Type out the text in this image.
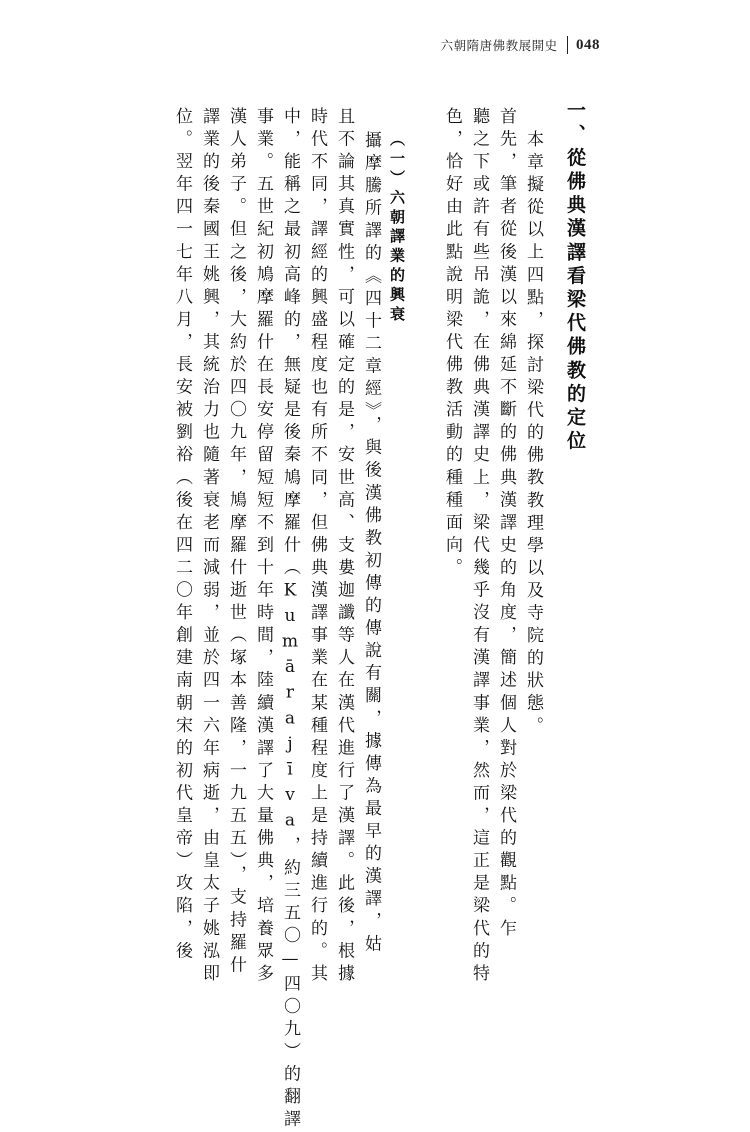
六朝隋唐佛教展開史 048
一、從佛典漢譯看梁代佛教的定位
本章擬從以上四點，探討梁代的佛教教理學以及寺院的狀態。
首先，筆者從後漢以來綿延不斷的佛典漢譯史的角度，簡述個人對於梁代的觀點。乍
聽之下或許有些吊詭，在佛典漢譯史上，梁代幾乎沒有漢譯事業，然而，這正是梁代的特
色，恰好由此點說明梁代佛教活動的種種面向。
（一）六朝譯業的興衰
攝摩騰所譯的《四十二章經》，與後漢佛教初傳的傳說有關，據傳為最早的漢譯，姑
且不論其真實性，可以確定的是，安世高、支婁迦讖等人在漢代進行了漢譯。此後，根據
時代不同，譯經的興盛程度也有所不同，但佛典漢譯事業在某種程度上是持續進行的。其
中，能稱之最初高峰的，無疑是後秦鳩摩羅什（Kumārajīva，約三五〇—四〇九）的翻譯
事業。五世紀初鳩摩羅什在長安停留短短不到十年時間，陸續漢譯了大量佛典，培養眾多
漢人弟子。但之後，大約於四〇九年，鳩摩羅什逝世（塚本善隆，一九五五），支持羅什
譯業的後秦國王姚興，其統治力也隨著衰老而減弱，並於四一六年病逝，由皇太子姚泓即
位。翌年四一七年八月，長安被劉裕（後在四二〇年創建南朝宋的初代皇帝）攻陷，後
